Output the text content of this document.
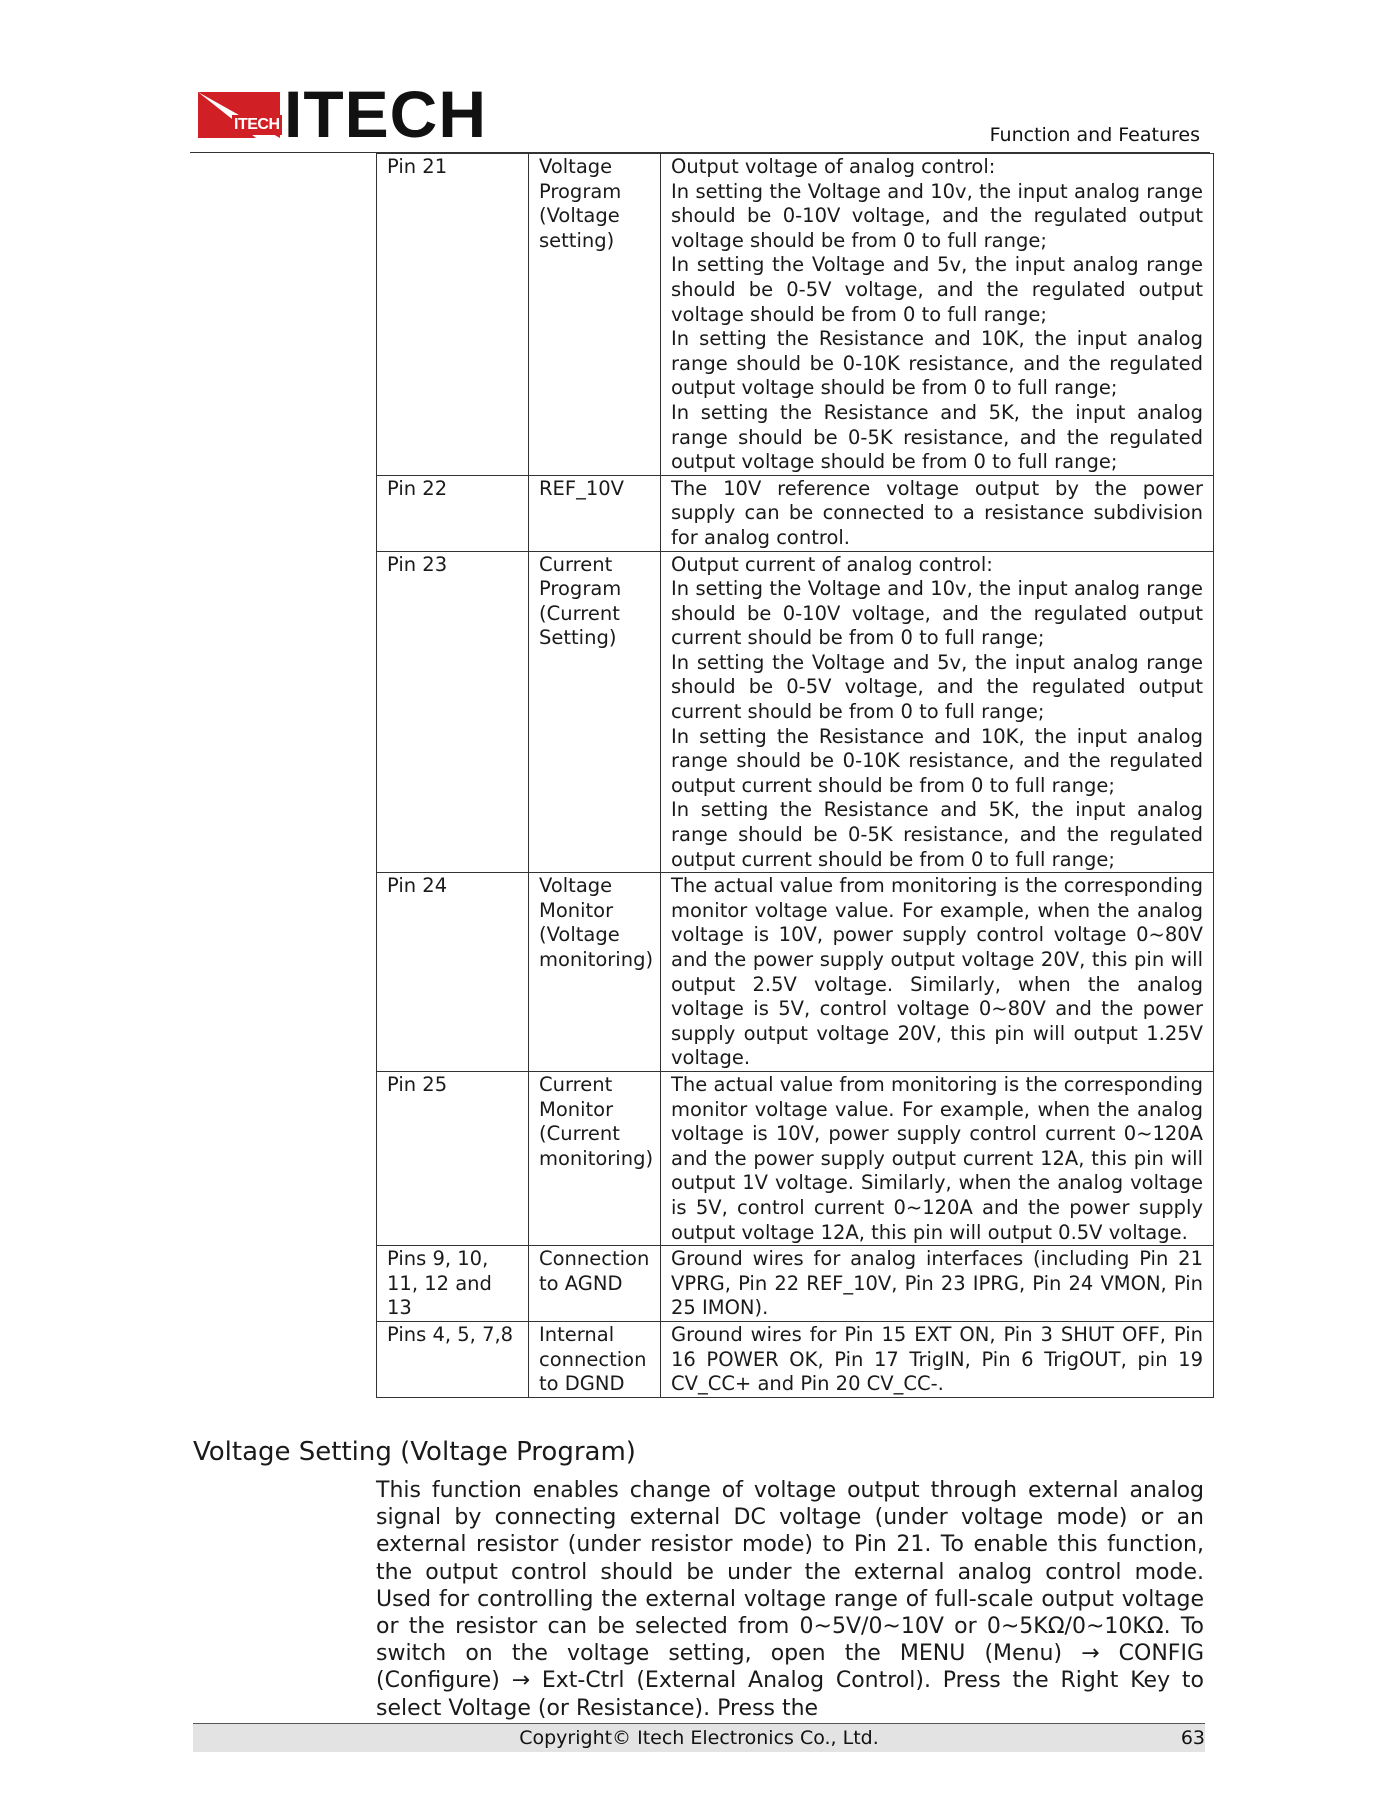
ITECH ITECH	Function and Features
Pin 21	Voltage Program (Voltage setting)	Output voltage of analog control:

In setting the Voltage and 10v, the input analog range should be 0-10V voltage, and the regulated output voltage should be from 0 to full range;

In setting the Voltage and 5v, the input analog range should be 0-5V voltage, and the regulated output voltage should be from 0 to full range;

In setting the Resistance and 10K, the input analog range should be 0-10K resistance, and the regulated output voltage should be from 0 to full range;

In setting the Resistance and 5K, the input analog range should be 0-5K resistance, and the regulated output voltage should be from 0 to full range;

Pin 22	REF_10V	The 10V reference voltage output by the power supply can be connected to a resistance subdivision for analog control.

Pin 23	Current Program (Current Setting)	Output current of analog control:

In setting the Voltage and 10v, the input analog range should be 0-10V voltage, and the regulated output current should be from 0 to full range;

In setting the Voltage and 5v, the input analog range should be 0-5V voltage, and the regulated output current should be from 0 to full range;

In setting the Resistance and 10K, the input analog range should be 0-10K resistance, and the regulated output current should be from 0 to full range;

In setting the Resistance and 5K, the input analog range should be 0-5K resistance, and the regulated output current should be from 0 to full range;

Pin 24	Voltage Monitor (Voltage monitoring)	The actual value from monitoring is the corresponding monitor voltage value. For example, when the analog voltage is 10V, power supply control voltage 0~80V and the power supply output voltage 20V, this pin will output 2.5V voltage. Similarly, when the analog voltage is 5V, control voltage 0~80V and the power supply output voltage 20V, this pin will output 1.25V voltage.

Pin 25	Current Monitor (Current monitoring)	The actual value from monitoring is the corresponding monitor voltage value. For example, when the analog voltage is 10V, power supply control current 0~120A and the power supply output current 12A, this pin will output 1V voltage. Similarly, when the analog voltage is 5V, control current 0~120A and the power supply output voltage 12A, this pin will output 0.5V voltage.

Pins 9, 10, 11, 12 and 13	Connection to AGND	Ground wires for analog interfaces (including Pin 21 VPRG, Pin 22 REF_10V, Pin 23 IPRG, Pin 24 VMON, Pin 25 IMON).

Pins 4, 5, 7,8	Internal connection to DGND	Ground wires for Pin 15 EXT ON, Pin 3 SHUT OFF, Pin 16 POWER OK, Pin 17 TrigIN, Pin 6 TrigOUT, pin 19 CV_CC+ and Pin 20 CV_CC-.

Voltage Setting (Voltage Program)

This function enables change of voltage output through external analog signal by connecting external DC voltage (under voltage mode) or an external resistor (under resistor mode) to Pin 21. To enable this function, the output control should be under the external analog control mode. Used for controlling the external voltage range of full-scale output voltage or the resistor can be selected from 0~5V/0~10V or 0~5KΩ/0~10KΩ. To switch on the voltage setting, open the MENU (Menu) → CONFIG (Configure) → Ext-Ctrl (External Analog Control). Press the Right Key to select Voltage (or Resistance). Press the

Copyright© Itech Electronics Co., Ltd.	63
